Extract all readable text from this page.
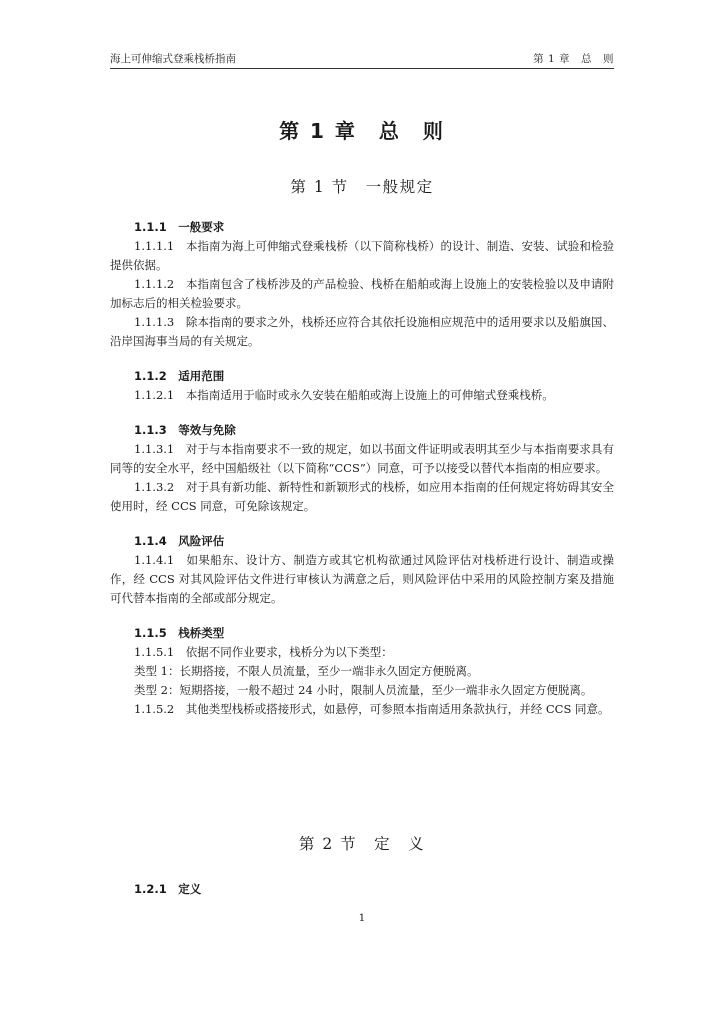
海上可伸缩式登乘栈桥指南	第 1 章　总　则
第 1 章　总　则
第 1 节　一般规定
1.1.1　一般要求

1.1.1.1　本指南为海上可伸缩式登乘栈桥（以下简称栈桥）的设计、制造、安装、试验和检验提供依据。

1.1.1.2　本指南包含了栈桥涉及的产品检验、栈桥在船舶或海上设施上的安装检验以及申请附加标志后的相关检验要求。

1.1.1.3　除本指南的要求之外，栈桥还应符合其依托设施相应规范中的适用要求以及船旗国、沿岸国海事当局的有关规定。

1.1.2　适用范围

1.1.2.1　本指南适用于临时或永久安装在船舶或海上设施上的可伸缩式登乘栈桥。

1.1.3　等效与免除

1.1.3.1　对于与本指南要求不一致的规定，如以书面文件证明或表明其至少与本指南要求具有同等的安全水平，经中国船级社（以下简称“CCS”）同意，可予以接受以替代本指南的相应要求。

1.1.3.2　对于具有新功能、新特性和新颖形式的栈桥，如应用本指南的任何规定将妨碍其安全使用时，经 CCS 同意，可免除该规定。

1.1.4　风险评估

1.1.4.1　如果船东、设计方、制造方或其它机构欲通过风险评估对栈桥进行设计、制造或操作，经 CCS 对其风险评估文件进行审核认为满意之后，则风险评估中采用的风险控制方案及措施可代替本指南的全部或部分规定。

1.1.5　栈桥类型

1.1.5.1　依据不同作业要求，栈桥分为以下类型：

类型 1：长期搭接，不限人员流量，至少一端非永久固定方便脱离。

类型 2：短期搭接，一般不超过 24 小时，限制人员流量，至少一端非永久固定方便脱离。

1.1.5.2　其他类型栈桥或搭接形式，如悬停，可参照本指南适用条款执行，并经 CCS 同意。

第 2 节　定　义
1.2.1　定义
1
